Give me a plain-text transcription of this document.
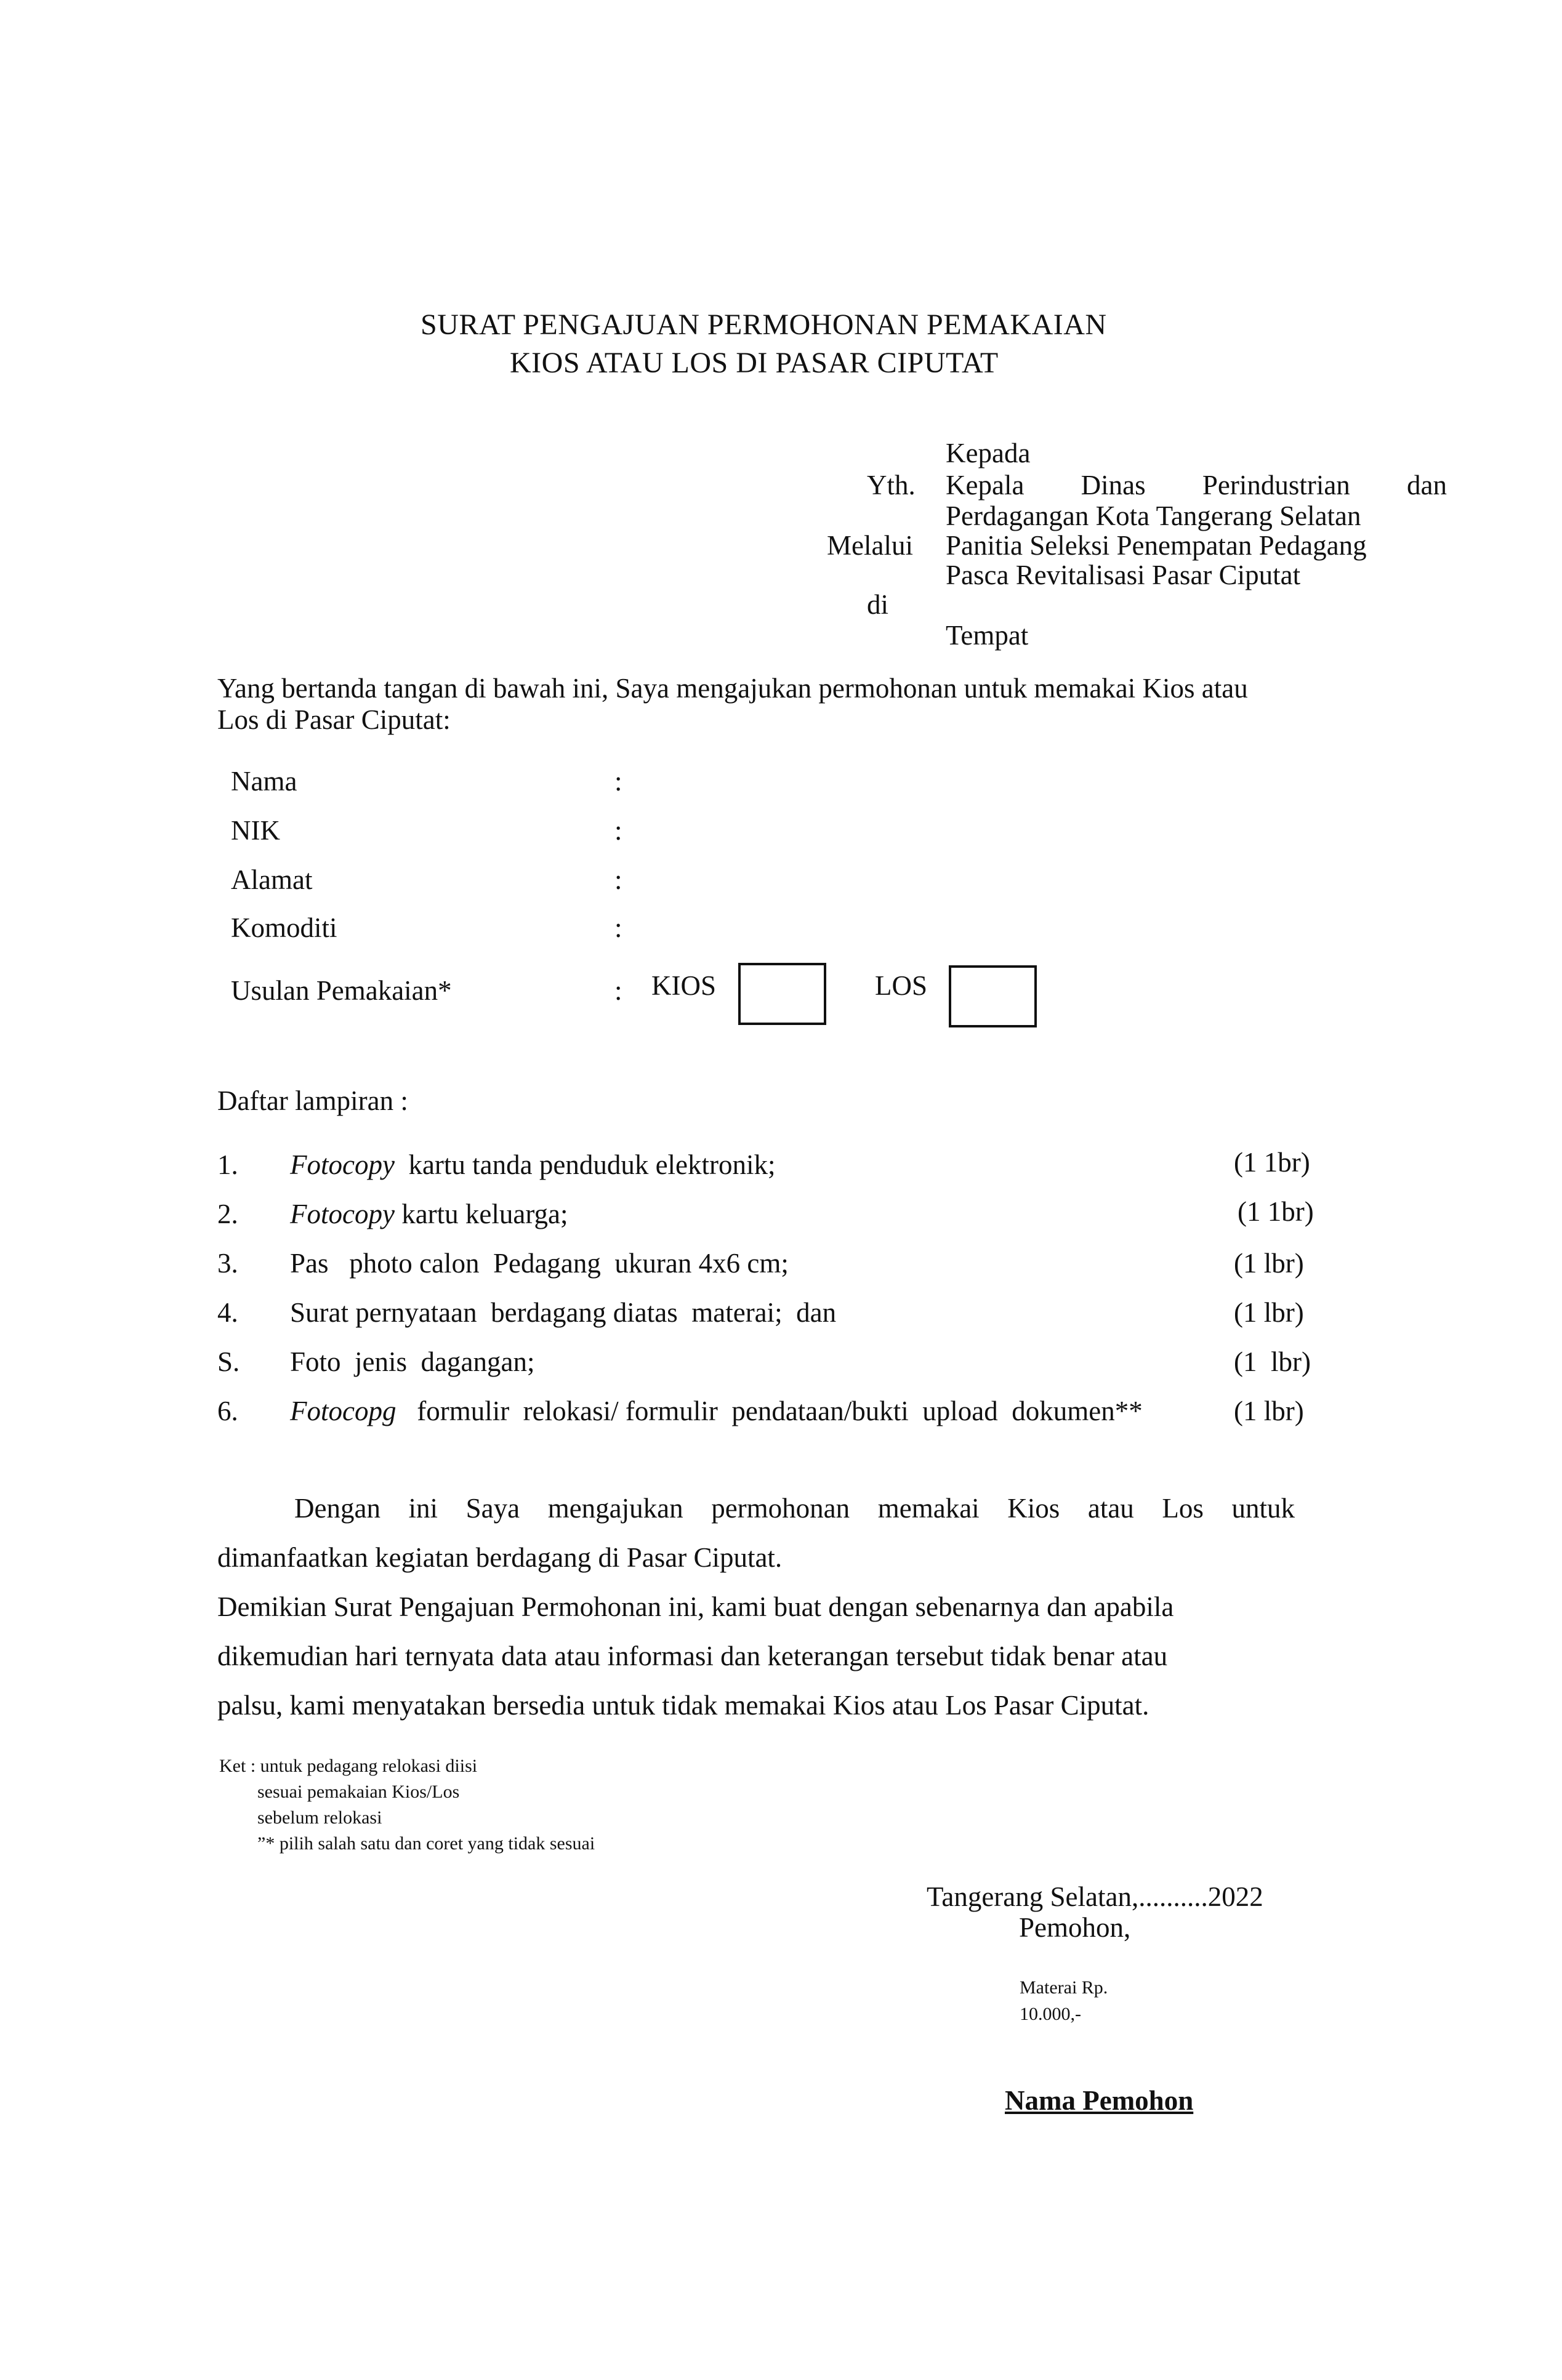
SURAT PENGAJUAN PERMOHONAN PEMAKAIAN
KIOS ATAU LOS DI PASAR CIPUTAT
Kepada
Yth. Kepala Dinas Perindustrian dan
Perdagangan Kota Tangerang Selatan
Melalui Panitia Seleksi Penempatan Pedagang
Pasca Revitalisasi Pasar Ciputat
di
Tempat
Yang bertanda tangan di bawah ini, Saya mengajukan permohonan untuk memakai Kios atau
Los di Pasar Ciputat:
Nama	:
NIK	:
Alamat	:
Komoditi	:
Usulan Pemakaian*	: KIOS	LOS
Daftar lampiran :
1. Fotocopy kartu tanda penduduk elektronik;	(1 1br)
2. Fotocopy kartu keluarga;	(1 1br)
3. Pas   photo calon  Pedagang  ukuran 4x6 cm;	(1 lbr)
4. Surat pernyataan  berdagang diatas  materai;  dan	(1 lbr)
S. Foto  jenis  dagangan;	(1  lbr)
6. Fotocopg formulir  relokasi/ formulir  pendataan/bukti  upload  dokumen**	(1 lbr)
Dengan ini Saya mengajukan permohonan memakai Kios atau Los untuk
dimanfaatkan kegiatan berdagang di Pasar Ciputat.
Demikian Surat Pengajuan Permohonan ini, kami buat dengan sebenarnya dan apabila
dikemudian hari ternyata data atau informasi dan keterangan tersebut tidak benar atau
palsu, kami menyatakan bersedia untuk tidak memakai Kios atau Los Pasar Ciputat.
Ket : untuk pedagang relokasi diisi
sesuai pemakaian Kios/Los
sebelum relokasi
”* pilih salah satu dan coret yang tidak sesuai
Tangerang Selatan,..........2022
Pemohon,
Materai Rp.
10.000,-
Nama Pemohon
